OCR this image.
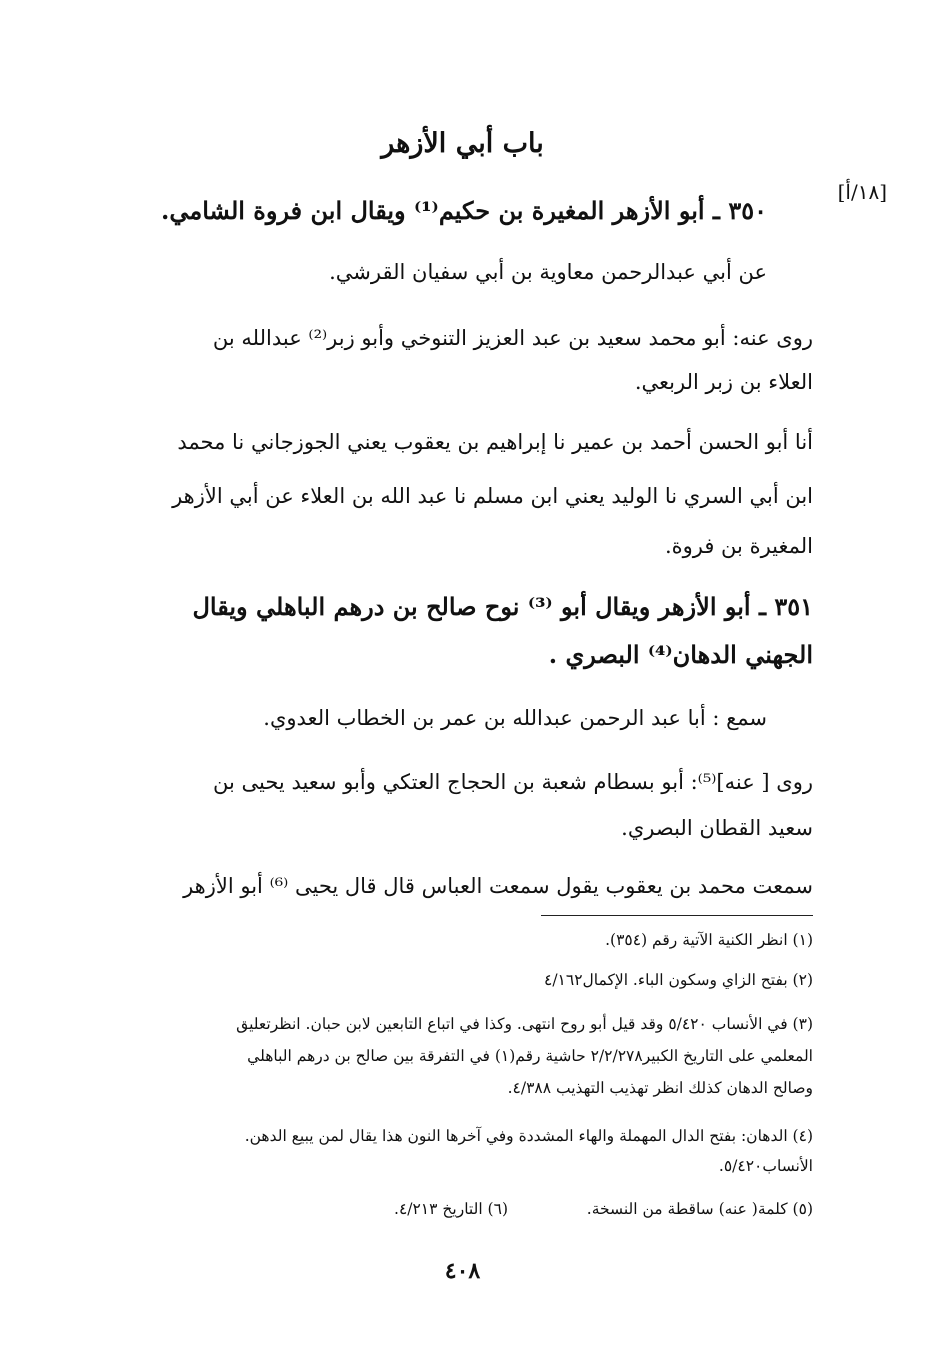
باب أبي الأزهر
[١٨/أ]
٣٥٠ ـ أبو الأزهر المغيرة بن حكيم⁽¹⁾ ويقال ابن فروة الشامي.
عن أبي عبدالرحمن معاوية بن أبي سفيان القرشي.
روى عنه: أبو محمد سعيد بن عبد العزيز التنوخي وأبو زبر⁽²⁾ عبدالله بن
العلاء بن زبر الربعي.
أنا أبو الحسن أحمد بن عمير نا إبراهيم بن يعقوب يعني الجوزجاني نا محمد
ابن أبي السري نا الوليد يعني ابن مسلم نا عبد الله بن العلاء عن أبي الأزهر
المغيرة بن فروة.
٣٥١ ـ أبو الأزهر ويقال أبو ⁽³⁾ نوح صالح بن درهم الباهلي ويقال
الجهني الدهان⁽⁴⁾ البصري .
سمع : أبا عبد الرحمن عبدالله بن عمر بن الخطاب العدوي.
روى [ عنه]⁽⁵⁾: أبو بسطام شعبة بن الحجاج العتكي وأبو سعيد يحيى بن
سعيد القطان البصري.
سمعت محمد بن يعقوب يقول سمعت العباس قال قال يحيى ⁽⁶⁾ أبو الأزهر
(١) انظر الكنية الآتية رقم (٣٥٤).
(٢) بفتح الزاي وسكون الباء. الإكمال٤/١٦٢
(٣) في الأنساب ٥/٤٢٠ وقد قيل أبو روح انتهى. وكذا في اتباع التابعين لابن حبان. انظرتعليق
المعلمي على التاريخ الكبير٢/٢/٢٧٨ حاشية رقم(١) في التفرقة بين صالح بن درهم الباهلي
وصالح الدهان كذلك انظر تهذيب التهذيب ٤/٣٨٨.
(٤) الدهان: بفتح الدال المهملة والهاء المشددة وفي آخرها النون هذا يقال لمن يبيع الدهن.
الأنساب٥/٤٢٠.
(٥) كلمة( عنه) ساقطة من النسخة.
(٦) التاريخ ٤/٢١٣.
٤٠٨
